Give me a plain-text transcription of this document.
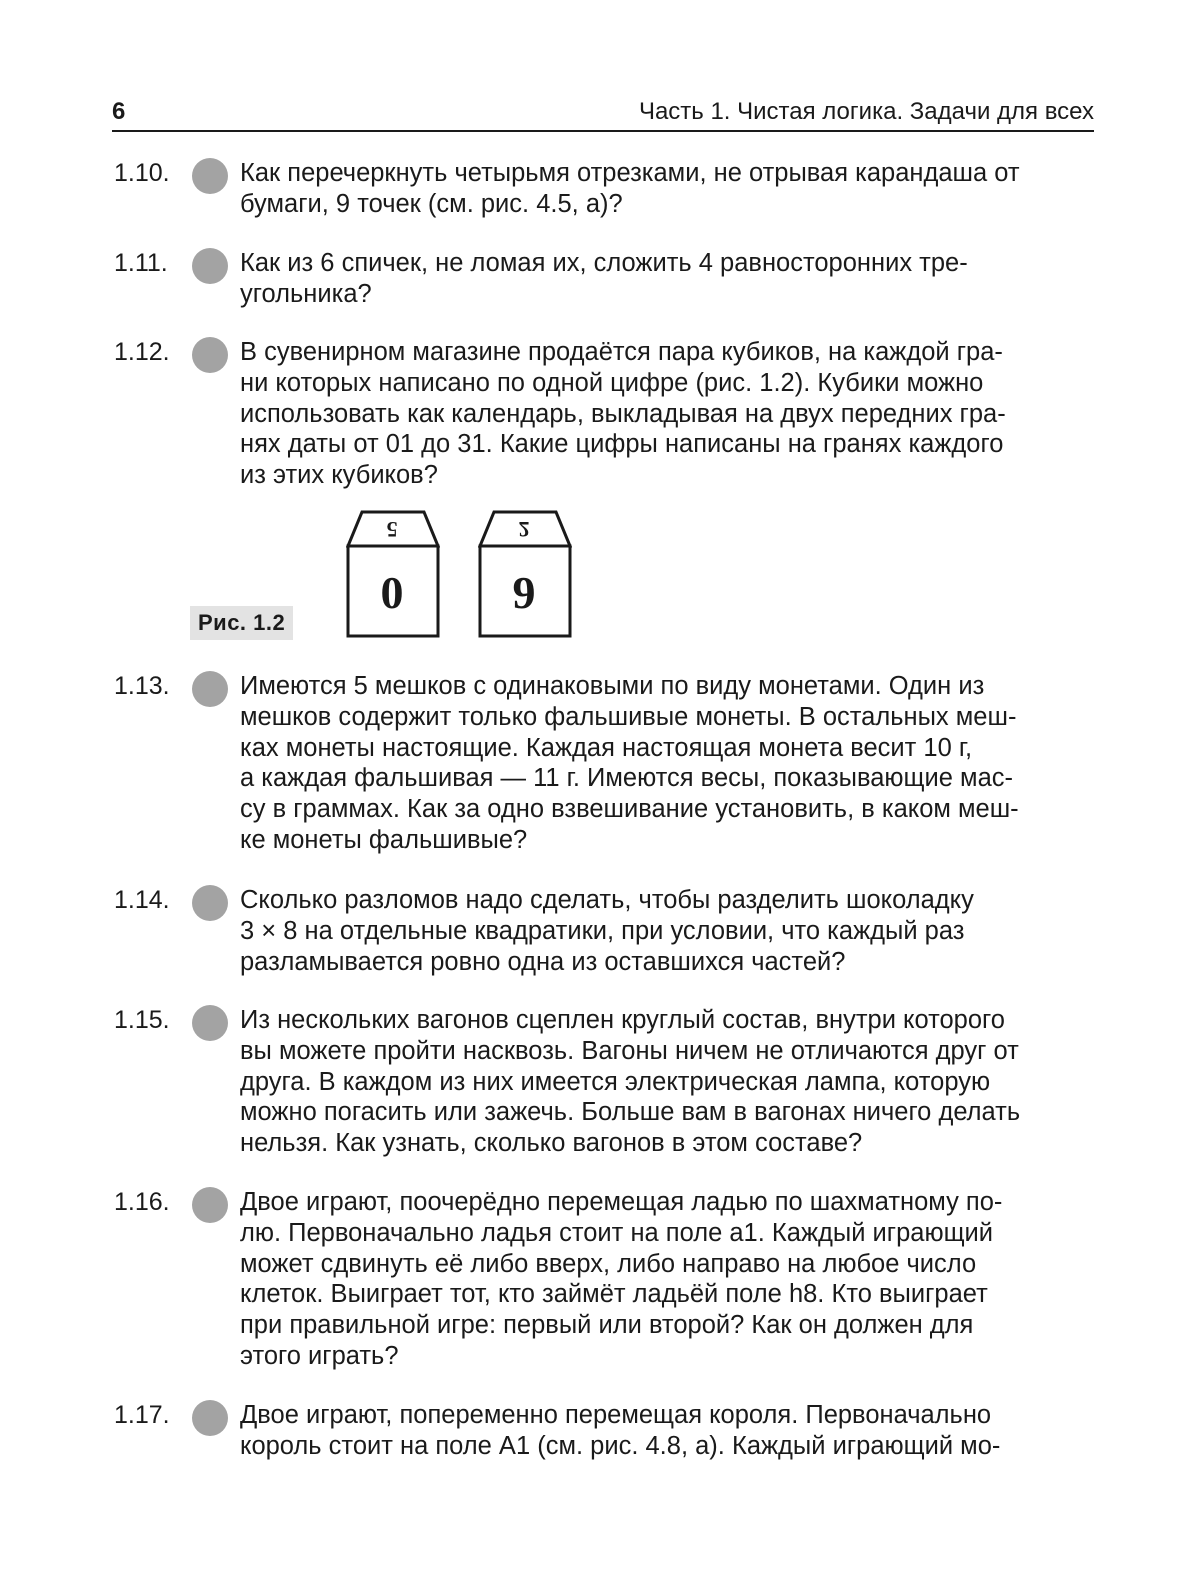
6	Часть 1. Чистая логика. Задачи для всех
1.10.	Как перечеркнуть четырьмя отрезками, не отрывая карандаша от
бумаги, 9 точек (см. рис. 4.5, а)?
1.11.	Как из 6 спичек, не ломая их, сложить 4 равносторонних тре-
угольника?
1.12.	В сувенирном магазине продаётся пара кубиков, на каждой гра-
ни которых написано по одной цифре (рис. 1.2). Кубики можно
использовать как календарь, выкладывая на двух передних гра-
нях даты от 01 до 31. Какие цифры написаны на гранях каждого
из этих кубиков?
Рис. 1.2
5
0
2
9
1.13.	Имеются 5 мешков с одинаковыми по виду монетами. Один из
мешков содержит только фальшивые монеты. В остальных меш-
ках монеты настоящие. Каждая настоящая монета весит 10 г,
а каждая фальшивая — 11 г. Имеются весы, показывающие мас-
су в граммах. Как за одно взвешивание установить, в каком меш-
ке монеты фальшивые?
1.14.	Сколько разломов надо сделать, чтобы разделить шоколадку
3 × 8 на отдельные квадратики, при условии, что каждый раз
разламывается ровно одна из оставшихся частей?
1.15.	Из нескольких вагонов сцеплен круглый состав, внутри которого
вы можете пройти насквозь. Вагоны ничем не отличаются друг от
друга. В каждом из них имеется электрическая лампа, которую
можно погасить или зажечь. Больше вам в вагонах ничего делать
нельзя. Как узнать, сколько вагонов в этом составе?
1.16.	Двое играют, поочерёдно перемещая ладью по шахматному по-
лю. Первоначально ладья стоит на поле a1. Каждый играющий
может сдвинуть её либо вверх, либо направо на любое число
клеток. Выиграет тот, кто займёт ладьёй поле h8. Кто выиграет
при правильной игре: первый или второй? Как он должен для
этого играть?
1.17.	Двое играют, попеременно перемещая короля. Первоначально
король стоит на поле A1 (см. рис. 4.8, а). Каждый играющий мо-
